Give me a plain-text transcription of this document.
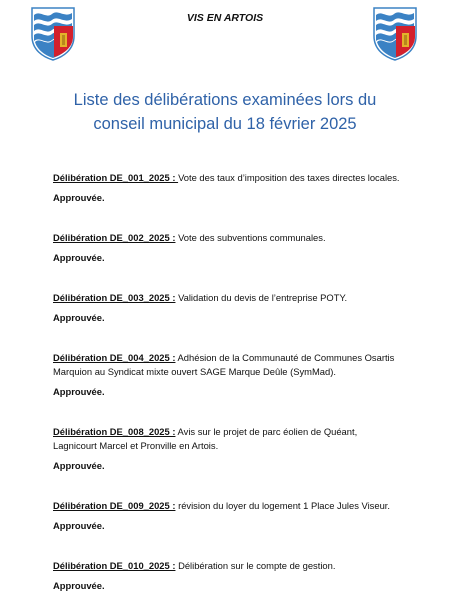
VIS EN ARTOIS
Liste des délibérations examinées lors du
conseil municipal du 18 février 2025
Délibération DE_001_2025 : Vote des taux d’imposition des taxes directes locales.
Approuvée.
Délibération DE_002_2025 : Vote des subventions communales.
Approuvée.
Délibération DE_003_2025 : Validation du devis de l’entreprise POTY.
Approuvée.
Délibération DE_004_2025 : Adhésion de la Communauté de Communes Osartis Marquion au Syndicat mixte ouvert SAGE Marque Deûle (SymMad).
Approuvée.
Délibération DE_008_2025 : Avis sur le projet de parc éolien de Quéant, Lagnicourt Marcel et Pronville en Artois.
Approuvée.
Délibération DE_009_2025 : révision du loyer du logement 1 Place Jules Viseur.
Approuvée.
Délibération DE_010_2025 : Délibération sur le compte de gestion.
Approuvée.
